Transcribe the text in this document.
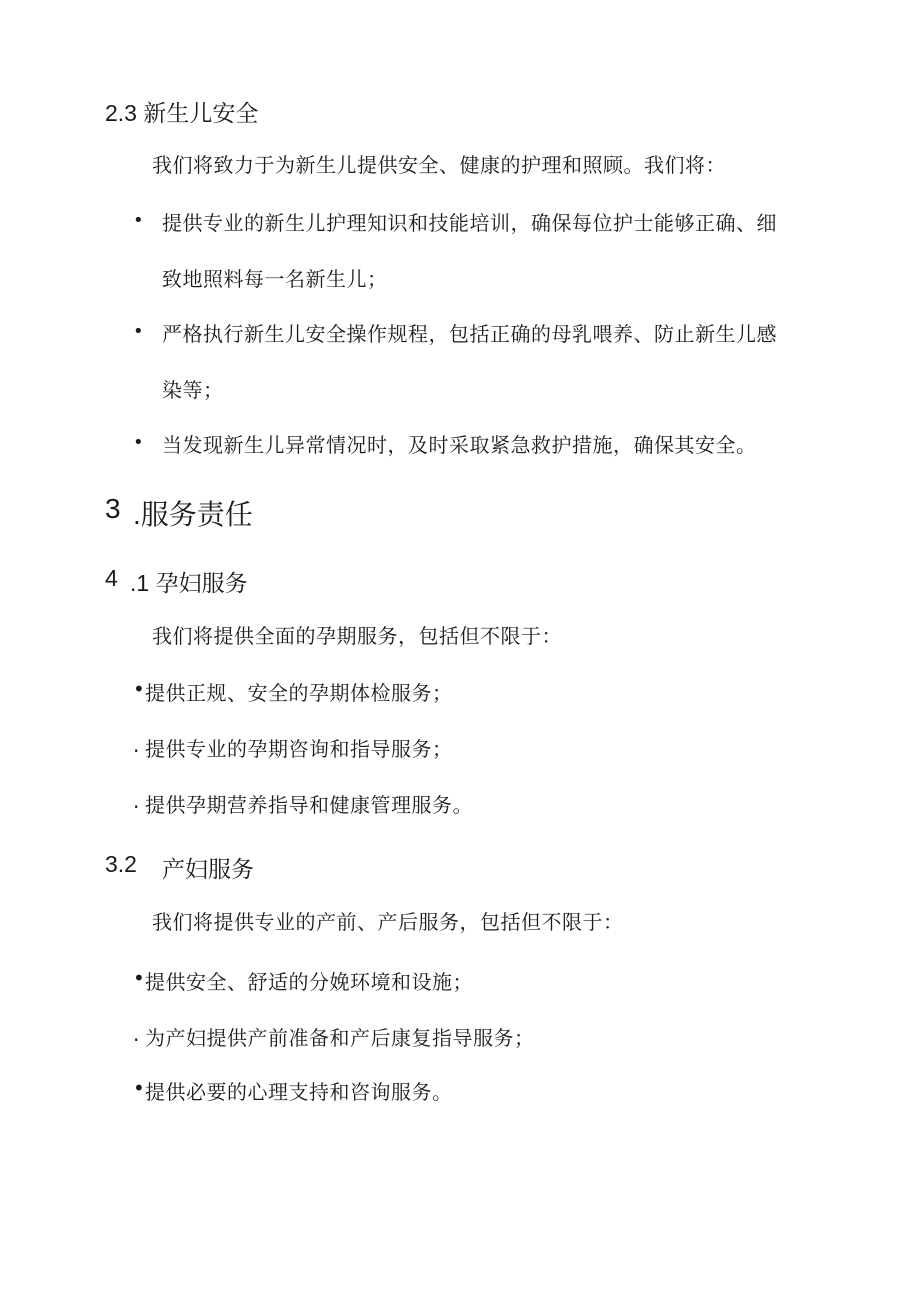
2.3 新生儿安全
我们将致力于为新生儿提供安全、健康的护理和照顾。我们将：
• 提供专业的新生儿护理知识和技能培训，确保每位护士能够正确、细
致地照料每一名新生儿；
• 严格执行新生儿安全操作规程，包括正确的母乳喂养、防止新生儿感
染等；
• 当发现新生儿异常情况时，及时采取紧急救护措施，确保其安全。
3 .服务责任
4 .1 孕妇服务
我们将提供全面的孕期服务，包括但不限于：
• 提供正规、安全的孕期体检服务；
. 提供专业的孕期咨询和指导服务；
. 提供孕期营养指导和健康管理服务。
3.2 产妇服务
我们将提供专业的产前、产后服务，包括但不限于：
• 提供安全、舒适的分娩环境和设施；
. 为产妇提供产前准备和产后康复指导服务；
• 提供必要的心理支持和咨询服务。
